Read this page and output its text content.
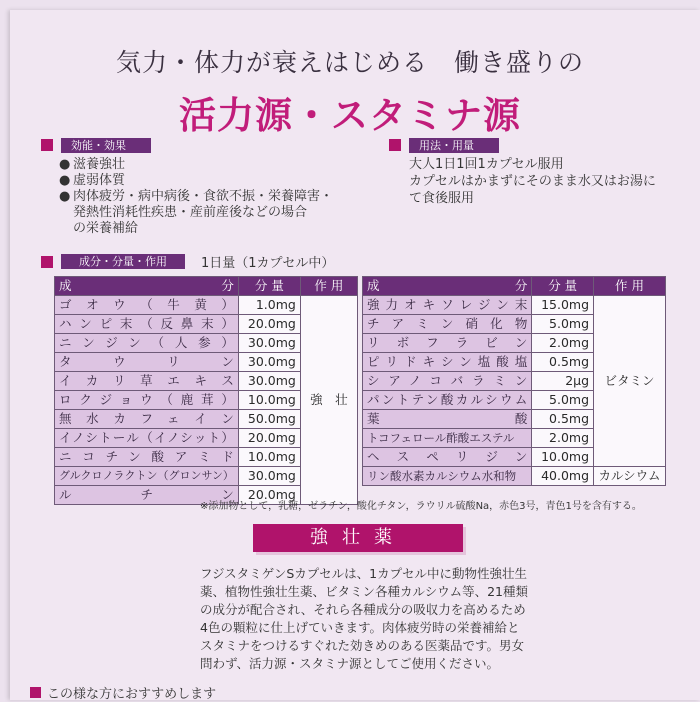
気力・体力が衰えはじめる　働き盛りの
活力源・スタミナ源
効能・効果
● 滋養強壮
● 虚弱体質
● 肉体疲労・病中病後・食欲不振・栄養障害・
発熱性消耗性疾患・産前産後などの場合
の栄養補給
用法・用量
大人1日1回1カプセル服用
カプセルはかまずにそのまま水又はお湯に
て食後服用
成分・分量・作用	1日量（1カプセル中）
成　　　分	分 量	作 用
ゴオウ（牛黄）	1.0mg	強　壮
ハンピ末（反鼻末）	20.0mg	
ニンジン（人参）	30.0mg	
タウリン	30.0mg	
イカリ草エキス	30.0mg	
ロクジョウ（鹿茸）	10.0mg	
無水カフェイン	50.0mg	
イノシトール（イノシット）	20.0mg	
ニコチン酸アミド	10.0mg	
グルクロノラクトン（グロンサン）	30.0mg	
ルチン	20.0mg	
成　　　分	分 量	作 用
強力オキソレジン末	15.0mg	ビタミン
チアミン硝化物	5.0mg	
リボフラビン	2.0mg	
ピリドキシン塩酸塩	0.5mg	
シアノコバラミン	2μg	
パントテン酸カルシウム	5.0mg	
葉　　　酸	0.5mg	
トコフェロール酢酸エステル	2.0mg	
ヘスペリジン	10.0mg	
リン酸水素カルシウム水和物	40.0mg	カルシウム
※添加物として，乳糖，ゼラチン，酸化チタン，ラウリル硫酸Na，赤色3号，青色1号を含有する。
強壮薬
フジスタミゲンSカプセルは、1カプセル中に動物性強壮生薬、植物性強壮生薬、ビタミン各種カルシウム等、21種類の成分が配合され、それら各種成分の吸収力を高めるため4色の顆粒に仕上げていきます。肉体疲労時の栄養補給とスタミナをつけるすぐれた効きめのある医薬品です。男女問わず、活力源・スタミナ源としてご使用ください。
この様な方におすすめします
